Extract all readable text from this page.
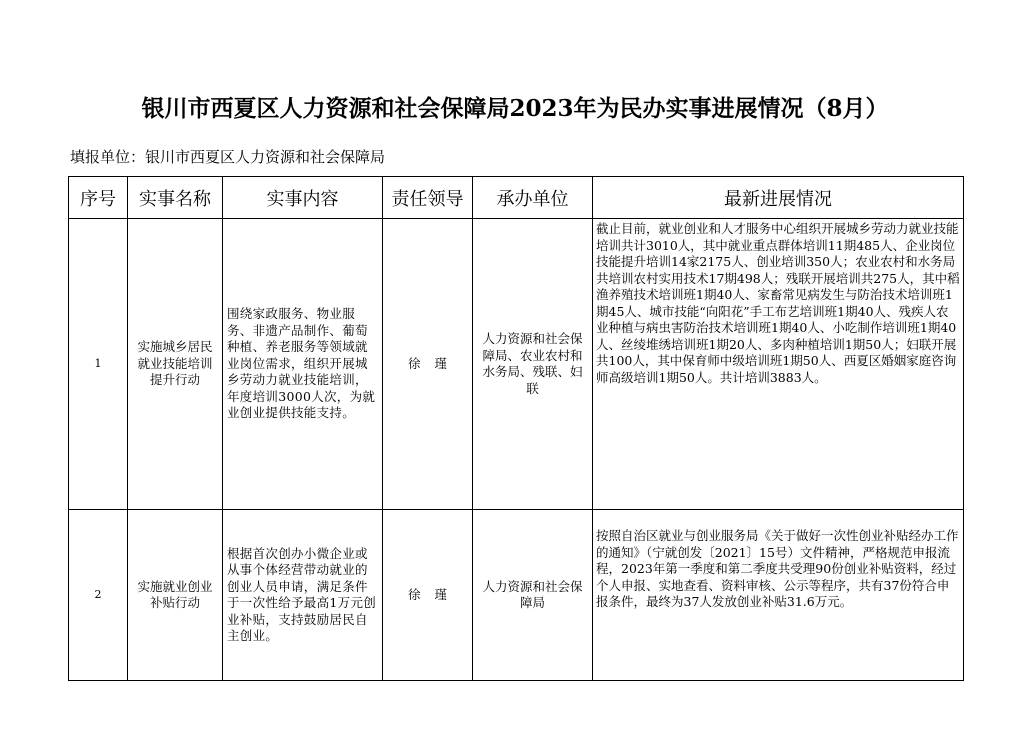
银川市西夏区人力资源和社会保障局2023年为民办实事进展情况（8月）
填报单位：银川市西夏区人力资源和社会保障局
序号	实事名称	实事内容	责任领导	承办单位	最新进展情况
1	实施城乡居民就业技能培训提升行动	围绕家政服务、物业服务、非遗产品制作、葡萄种植、养老服务等领域就业岗位需求，组织开展城乡劳动力就业技能培训，年度培训3000人次，为就业创业提供技能支持。	徐瑾	人力资源和社会保障局、农业农村和水务局、残联、妇联	截止目前，就业创业和人才服务中心组织开展城乡劳动力就业技能培训共计3010人，其中就业重点群体培训11期485人、企业岗位技能提升培训14家2175人、创业培训350人；农业农村和水务局共培训农村实用技术17期498人；残联开展培训共275人，其中稻渔养殖技术培训班1期40人、家畜常见病发生与防治技术培训班1期45人、城市技能“向阳花”手工布艺培训班1期40人、残疾人农业种植与病虫害防治技术培训班1期40人、小吃制作培训班1期40人、丝绫堆绣培训班1期20人、多肉种植培训1期50人；妇联开展共100人，其中保育师中级培训班1期50人、西夏区婚姻家庭咨询师高级培训1期50人。共计培训3883人。
2	实施就业创业补贴行动	根据首次创办小微企业或从事个体经营带动就业的创业人员申请，满足条件于一次性给予最高1万元创业补贴，支持鼓励居民自主创业。	徐瑾	人力资源和社会保障局	按照自治区就业与创业服务局《关于做好一次性创业补贴经办工作的通知》（宁就创发〔2021〕15号）文件精神，严格规范申报流程，2023年第一季度和第二季度共受理90份创业补贴资料，经过个人申报、实地查看、资料审核、公示等程序，共有37份符合申报条件，最终为37人发放创业补贴31.6万元。
